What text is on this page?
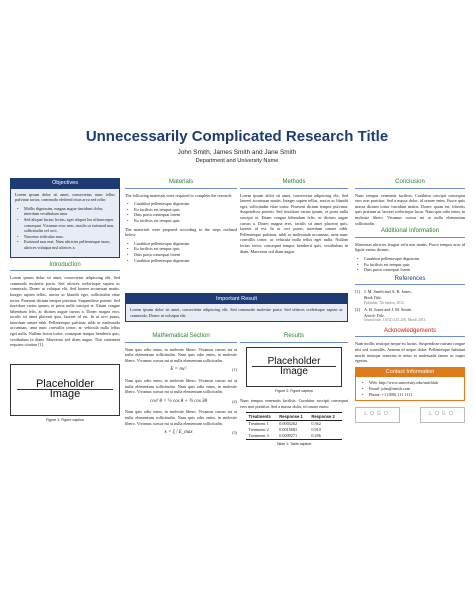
Unnecessarily Complicated Research Title
John Smith, James Smith and Jane Smith
Department and University Name
Objectives

Lorem ipsum dolor sit amet, consectetur, nunc tellus pulvinar tortor, commodo eleifend risus arcu sed odio:

• Mollis dignissim, magna augue tincidunt dolor, interdum vestibulum urna
• Sed aliquet luctus lectus, eget aliquet leo ullamcorper consequat. Vivamus eros sem, iaculis ut euismod non, sollicitudin vel orci.
• Nascetur ridiculus mus.
• Euismod non erat. Nam ultricies pellentesque nunc, ultrices volutpat nisl ultrices a.
Introduction

Lorem ipsum dolor sit amet, consectetur adipiscing elit. Sed commodo molestie porta. Sed ultrices scelerisque sapien ac commodo. Donec ut volutpat elit. Sed laoreet accumsan mattis. Integer sapien tellus, auctor ac blandit eget, sollicitudin vitae tortor. Praesent dictum tempor pulvinar. Suspendisse potenti. Sed tincidunt varius ipsum, et porta nulla suscipit et. Etiam congue bibendum felis, ac dictum augue cursus a. Donec magna eros, iaculis sit amet placerat quis, laoreet id est. In ut orci purus, interdum ornare nibh. Pellentesque pulvinar, nibh ac malesuada accumsan, urna nunc convallis tortor, ac vehicula nulla tellus eget nulla. Nullam lectus tortor, consequat tempor hendrerit quis, vestibulum in diam. Maecenas sed diam augue. This statement requires citation [1].

Placeholder
Image
Figure 1: Figure caption
Materials

The following materials were required to complete the research:

• Curabitur pellentesque dignissim
• Eu facilisis est tempus quis
• Duis porta consequat lorem
• Eu facilisis est tempus quis

The materials were prepared according to the steps outlined below:

• Curabitur pellentesque dignissim
• Eu facilisis est tempus quis
• Duis porta consequat lorem
• Curabitur pellentesque dignissim
Methods

Lorem ipsum dolor sit amet, consectetur adipiscing elit. Sed laoreet accumsan mattis. Integer sapien tellus, auctor ac blandit eget, sollicitudin vitae tortor. Praesent dictum tempor pulvinar. Suspendisse potenti. Sed tincidunt varius ipsum, et porta nulla suscipit et. Etiam congue bibendum felis, ac dictum augue cursus a. Donec magna eros, iaculis sit amet placerat quis, laoreet id est. In ut orci purus, interdum ornare nibh. Pellentesque pulvinar, nibh ac malesuada accumsan, urna nunc convallis tortor, ac vehicula nulla tellus eget nulla. Nullam lectus tortor, consequat tempor hendrerit quis, vestibulum in diam. Maecenas sed diam augue.

Important Result

Lorem ipsum dolor sit amet, consectetur adipiscing elit. Sed commodo molestie porta. Sed ultrices scelerisque sapien ac commodo. Donec ut volutpat elit.

Mathematical Section

Nam quis odio enim, in molestie libero. Vivamus cursus mi at nulla elementum sollicitudin. Nam quis odio enim, in molestie libero. Vivamus cursus mi at nulla elementum sollicitudin.

E = mc²	(1)

Nam quis odio enim, in molestie libero. Vivamus cursus mi at nulla elementum sollicitudin. Nam quis odio enim, in molestie libero. Vivamus cursus mi at nulla elementum sollicitudin.

cos³ θ = ¼ cos θ + ¾ cos 3θ	(2)

Nam quis odio enim, in molestie libero. Vivamus cursus mi at nulla elementum sollicitudin. Nam quis odio enim, in molestie libero. Vivamus cursus mi at nulla elementum sollicitudin.

κ = ξ / E_max	(3)
Results
Placeholder
Image
Figure 2: Figure caption

Nunc tempus venenatis facilisis. Curabitur suscipit consequat eros non porttitor. Sed a massa dolor, id ornare enim:

Treatments	Response 1	Response 2
Treatment 1	0.0003262	0.562
Treatment 2	0.0015681	0.910
Treatment 3	0.0009271	0.296
Table 1: Table caption
Conclusion

Nunc tempus venenatis facilisis. Curabitur suscipit consequat eros non porttitor. Sed a massa dolor, id ornare enim. Fusce quis massa dictum tortor tincidunt mattis. Donec quam est, lobortis quis pretium at, laoreet scelerisque lacus. Nam quis odio enim, in molestie libero. Vivamus cursus mi at nulla elementum sollicitudin.

Additional Information

Maecenas ultricies feugiat velit non mattis. Fusce tempus arcu id ligula varius dictum.

• Curabitur pellentesque dignissim
• Eu facilisis est tempus quis
• Duis porta consequat lorem
References
[1] J. M. Smith and A. B. Jones.
Book Title.
Publisher, 7th edition, 2012.
[2] A. B. Jones and J. M. Smith.
Article Title.
Journal title, 13(52):123–456, March 2013.
Acknowledgements

Nam mollis tristique neque eu luctus. Suspendisse rutrum congue nisi sed convallis. Aenean id neque dolor. Pellentesque habitant morbi tristique senectus et netus et malesuada fames ac turpis egestas.

Contact Information
• Web: http://www.university.edu/smithlab
• Email: john@smith.com
• Phone: +1 (000) 111 1111
LOGO	LOGO
